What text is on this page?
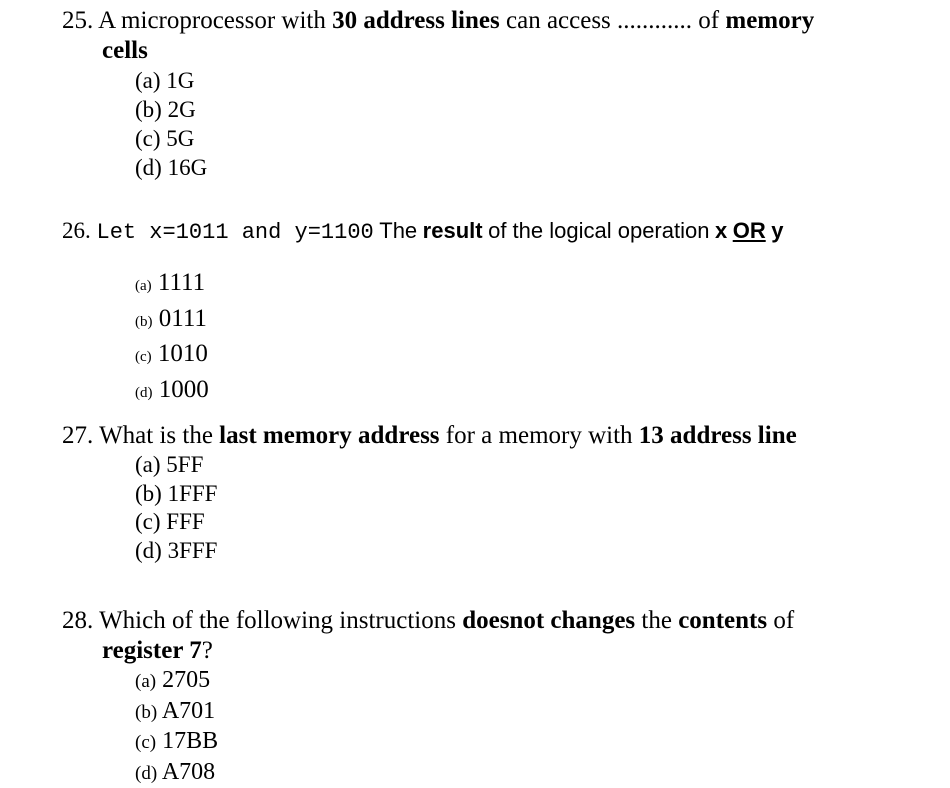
25. A microprocessor with 30 address lines can access ............ of memory
cells
(a) 1G
(b) 2G
(c) 5G
(d) 16G
26. Let x=1011 and y=1100 The result of the logical operation x OR y
(a) 1111
(b) 0111
(c) 1010
(d) 1000
27. What is the last memory address for a memory with 13 address line
(a) 5FF
(b) 1FFF
(c) FFF
(d) 3FFF
28. Which of the following instructions doesnot changes the contents of
register 7?
(a) 2705
(b) A701
(c) 17BB
(d) A708
